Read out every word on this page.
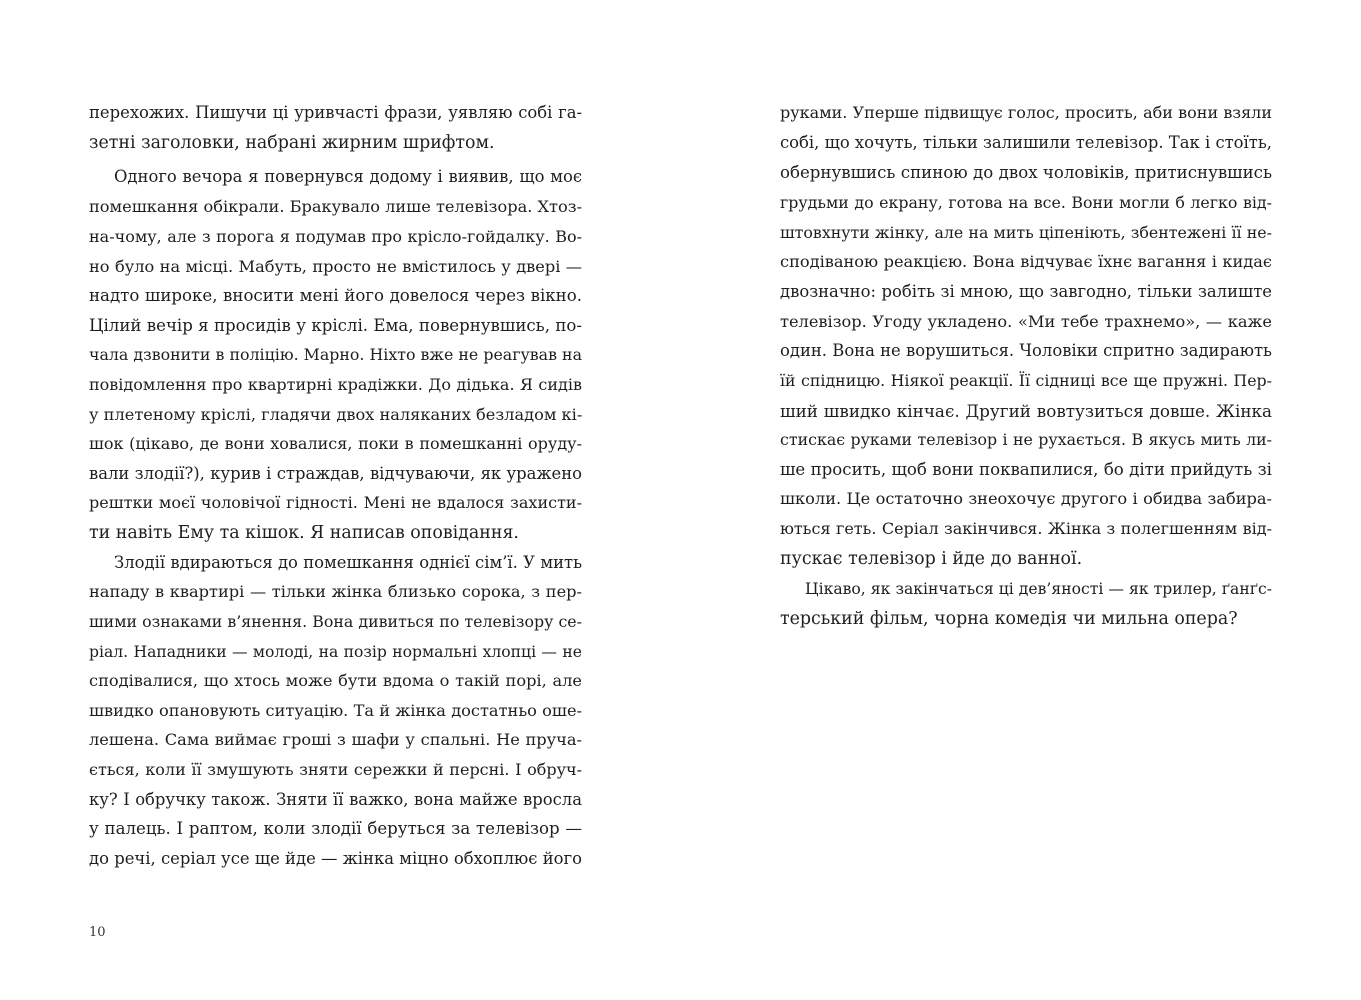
перехожих. Пишучи ці уривчасті фрази, уявляю собі га-
зетні заголовки, набрані жирним шрифтом.
Одного вечора я повернувся додому і виявив, що моє
помешкання обікрали. Бракувало лише телевізора. Хтоз-
на-чому, але з порога я подумав про крісло-гойдалку. Во-
но було на місці. Мабуть, просто не вмістилось у двері —
надто широке, вносити мені його довелося через вікно.
Цілий вечір я просидів у кріслі. Ема, повернувшись, по-
чала дзвонити в поліцію. Марно. Ніхто вже не реагував на
повідомлення про квартирні крадіжки. До дідька. Я сидів
у плетеному кріслі, гладячи двох наляканих безладом кі-
шок (цікаво, де вони ховалися, поки в помешканні оруду-
вали злодії?), курив і страждав, відчуваючи, як уражено
рештки моєї чоловічої гідності. Мені не вдалося захисти-
ти навіть Ему та кішок. Я написав оповідання.
Злодії вдираються до помешкання однієї сім’ї. У мить
нападу в квартирі — тільки жінка близько сорока, з пер-
шими ознаками в’янення. Вона дивиться по телевізору се-
ріал. Нападники — молоді, на позір нормальні хлопці — не
сподівалися, що хтось може бути вдома о такій порі, але
швидко опановують ситуацію. Та й жінка достатньо оше-
лешена. Сама виймає гроші з шафи у спальні. Не пруча-
ється, коли її змушують зняти сережки й персні. І обруч-
ку? І обручку також. Зняти її важко, вона майже вросла
у палець. І раптом, коли злодії беруться за телевізор —
до речі, серіал усе ще йде — жінка міцно обхоплює його
10
руками. Уперше підвищує голос, просить, аби вони взяли
собі, що хочуть, тільки залишили телевізор. Так і стоїть,
обернувшись спиною до двох чоловіків, притиснувшись
грудьми до екрану, готова на все. Вони могли б легко від-
штовхнути жінку, але на мить ціпеніють, збентежені її не-
сподіваною реакцією. Вона відчуває їхнє вагання і кидає
двозначно: робіть зі мною, що завгодно, тільки залиште
телевізор. Угоду укладено. «Ми тебе трахнемо», — каже
один. Вона не ворушиться. Чоловіки спритно задирають
їй спідницю. Ніякої реакції. Її сідниці все ще пружні. Пер-
ший швидко кінчає. Другий вовтузиться довше. Жінка
стискає руками телевізор і не рухається. В якусь мить ли-
ше просить, щоб вони поквапилися, бо діти прийдуть зі
школи. Це остаточно знеохочує другого і обидва забира-
ються геть. Серіал закінчився. Жінка з полегшенням від-
пускає телевізор і йде до ванної.
Цікаво, як закінчаться ці дев’яності — як трилер, ґанґс-
терський фільм, чорна комедія чи мильна опера?
